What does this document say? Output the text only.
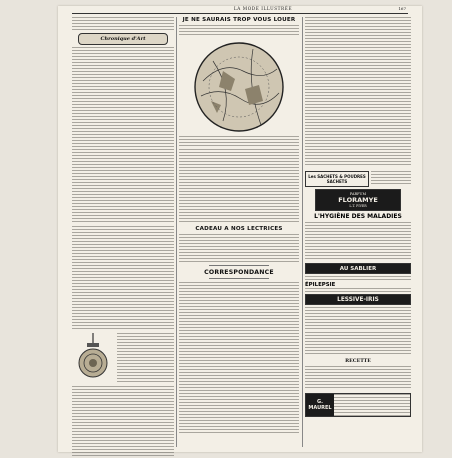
LA MODE ILLUSTRÉE	167
Chronique d'Art
JE NE SAURAIS TROP VOUS LOUER
CADEAU A NOS LECTRICES
CORRESPONDANCE
Les SACHETS & POUDRES SACHETS
PARFUM
FLORAMYE
L.T. PIVER
L'HYGIÈNE DES MALADIES
AU SABLIER
ÉPILEPSIE
LESSIVE-IRIS
RECETTE
G. MAUREL
